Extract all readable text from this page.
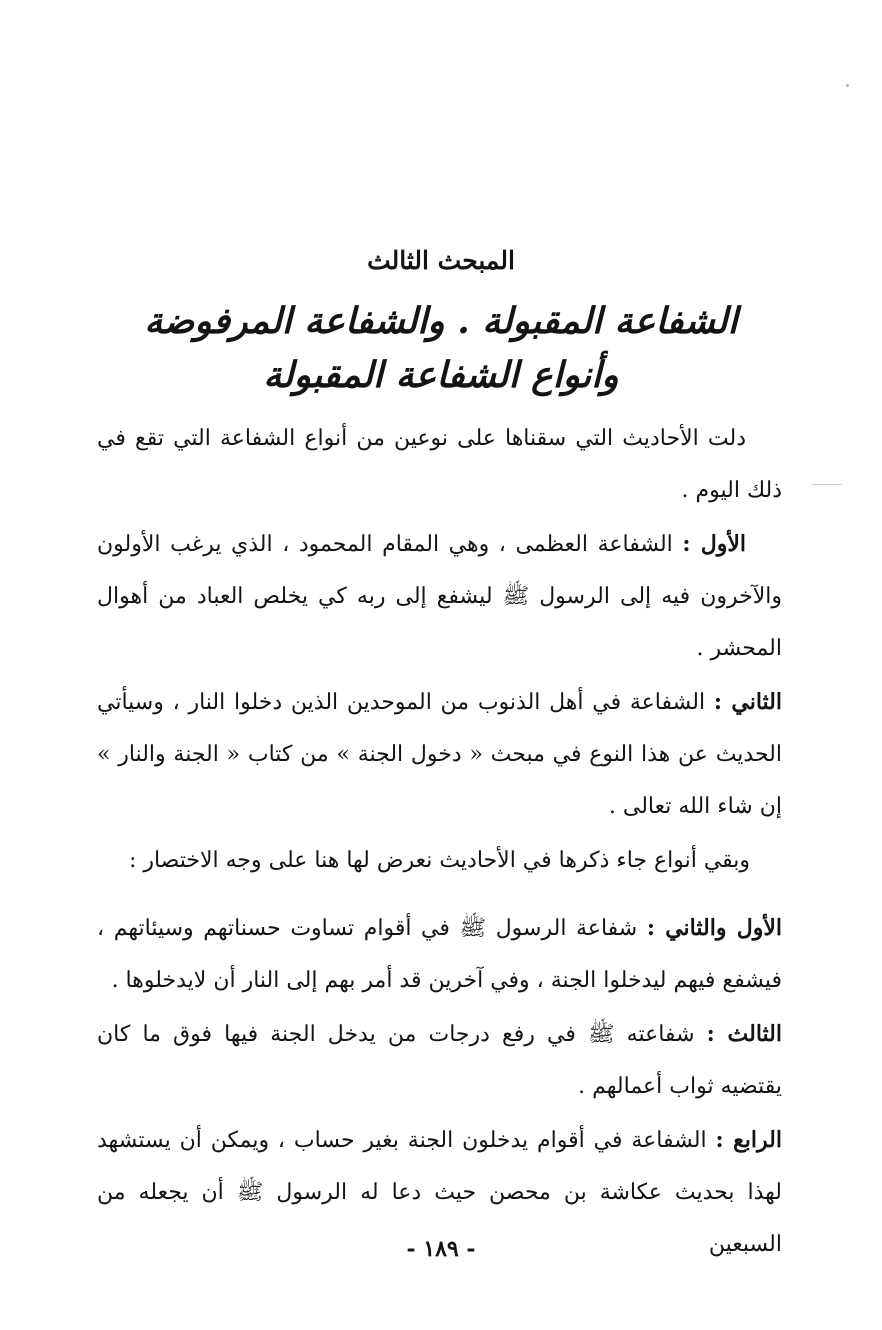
المبحث الثالث
الشفاعة المقبولة . والشفاعة المرفوضة
وأنواع الشفاعة المقبولة

دلت الأحاديث التي سقناها على نوعين من أنواع الشفاعة التي تقع في ذلك اليوم .

الأول : الشفاعة العظمى ، وهي المقام المحمود ، الذي يرغب الأولون والآخرون فيه إلى الرسول ﷺ ليشفع إلى ربه كي يخلص العباد من أهوال المحشر .

الثاني : الشفاعة في أهل الذنوب من الموحدين الذين دخلوا النار ، وسيأتي الحديث عن هذا النوع في مبحث « دخول الجنة » من كتاب « الجنة والنار » إن شاء الله تعالى .

وبقي أنواع جاء ذكرها في الأحاديث نعرض لها هنا على وجه الاختصار :

الأول والثاني : شفاعة الرسول ﷺ في أقوام تساوت حسناتهم وسيئاتهم ، فيشفع فيهم ليدخلوا الجنة ، وفي آخرين قد أمر بهم إلى النار أن لايدخلوها .

الثالث : شفاعته ﷺ في رفع درجات من يدخل الجنة فيها فوق ما كان يقتضيه ثواب أعمالهم .

الرابع : الشفاعة في أقوام يدخلون الجنة بغير حساب ، ويمكن أن يستشهد لهذا بحديث عكاشة بن محصن حيث دعا له الرسول ﷺ أن يجعله من السبعين

- ١٨٩ -
